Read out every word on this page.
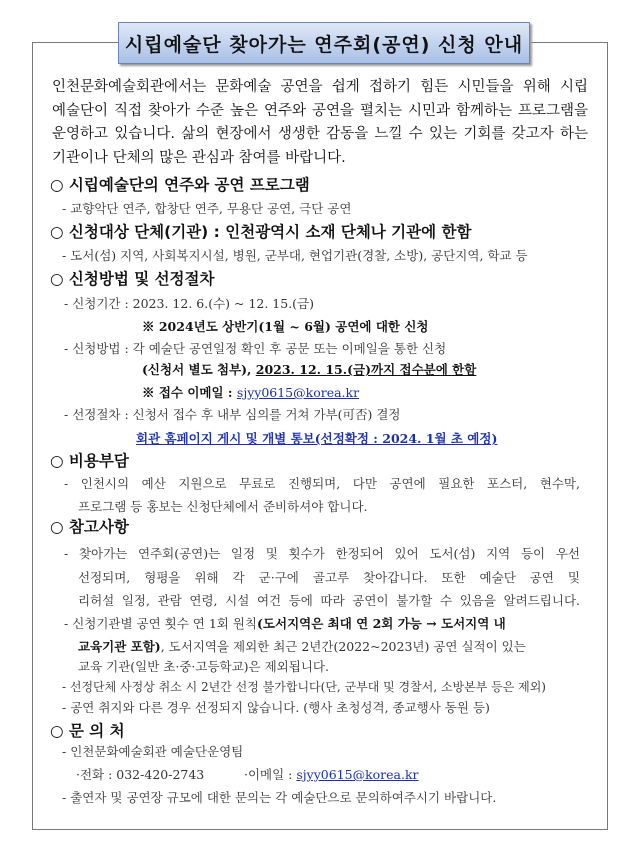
시립예술단 찾아가는 연주회(공연) 신청 안내
인천문화예술회관에서는 문화예술 공연을 쉽게 접하기 힘든 시민들을 위해 시립
예술단이 직접 찾아가 수준 높은 연주와 공연을 펼치는 시민과 함께하는 프로그램을
운영하고 있습니다. 삶의 현장에서 생생한 감동을 느낄 수 있는 기회를 갖고자 하는
기관이나 단체의 많은 관심과 참여를 바랍니다.
○ 시립예술단의 연주와 공연 프로그램
- 교향악단 연주, 합창단 연주, 무용단 공연, 극단 공연
○ 신청대상 단체(기관) : 인천광역시 소재 단체나 기관에 한함
- 도서(섬) 지역, 사회복지시설, 병원, 군부대, 현업기관(경찰, 소방), 공단지역, 학교 등
○ 신청방법 및 선정절차
- 신청기간 : 2023. 12. 6.(수) ~ 12. 15.(금)
※ 2024년도 상반기(1월 ~ 6월) 공연에 대한 신청
- 신청방법 : 각 예술단 공연일정 확인 후 공문 또는 이메일을 통한 신청
(신청서 별도 첨부), 2023. 12. 15.(금)까지 접수분에 한함
※ 접수 이메일 : sjyy0615@korea.kr
- 선정절차 : 신청서 접수 후 내부 심의를 거쳐 가부(可否) 결정
회관 홈페이지 게시 및 개별 통보(선정확정 : 2024. 1월 초 예정)
○ 비용부담
- 인천시의 예산 지원으로 무료로 진행되며, 다만 공연에 필요한 포스터, 현수막,
프로그램 등 홍보는 신청단체에서 준비하셔야 합니다.
○ 참고사항
- 찾아가는 연주회(공연)는 일정 및 횟수가 한정되어 있어 도서(섬) 지역 등이 우선
선정되며, 형평을 위해 각 군·구에 골고루 찾아갑니다. 또한 예술단 공연 및
리허설 일정, 관람 연령, 시설 여건 등에 따라 공연이 불가할 수 있음을 알려드립니다.
- 신청기관별 공연 횟수 연 1회 원칙(도서지역은 최대 연 2회 가능 → 도서지역 내
교육기관 포함), 도서지역을 제외한 최근 2년간(2022~2023년) 공연 실적이 있는
교육 기관(일반 초·중·고등학교)은 제외됩니다.
- 선정단체 사정상 취소 시 2년간 선정 불가합니다(단, 군부대 및 경찰서, 소방본부 등은 제외)
- 공연 취지와 다른 경우 선정되지 않습니다. (행사 초청성격, 종교행사 동원 등)
○ 문 의 처
- 인천문화예술회관 예술단운영팀
·전화 : 032-420-2743	·이메일 : sjyy0615@korea.kr
- 출연자 및 공연장 규모에 대한 문의는 각 예술단으로 문의하여주시기 바랍니다.
